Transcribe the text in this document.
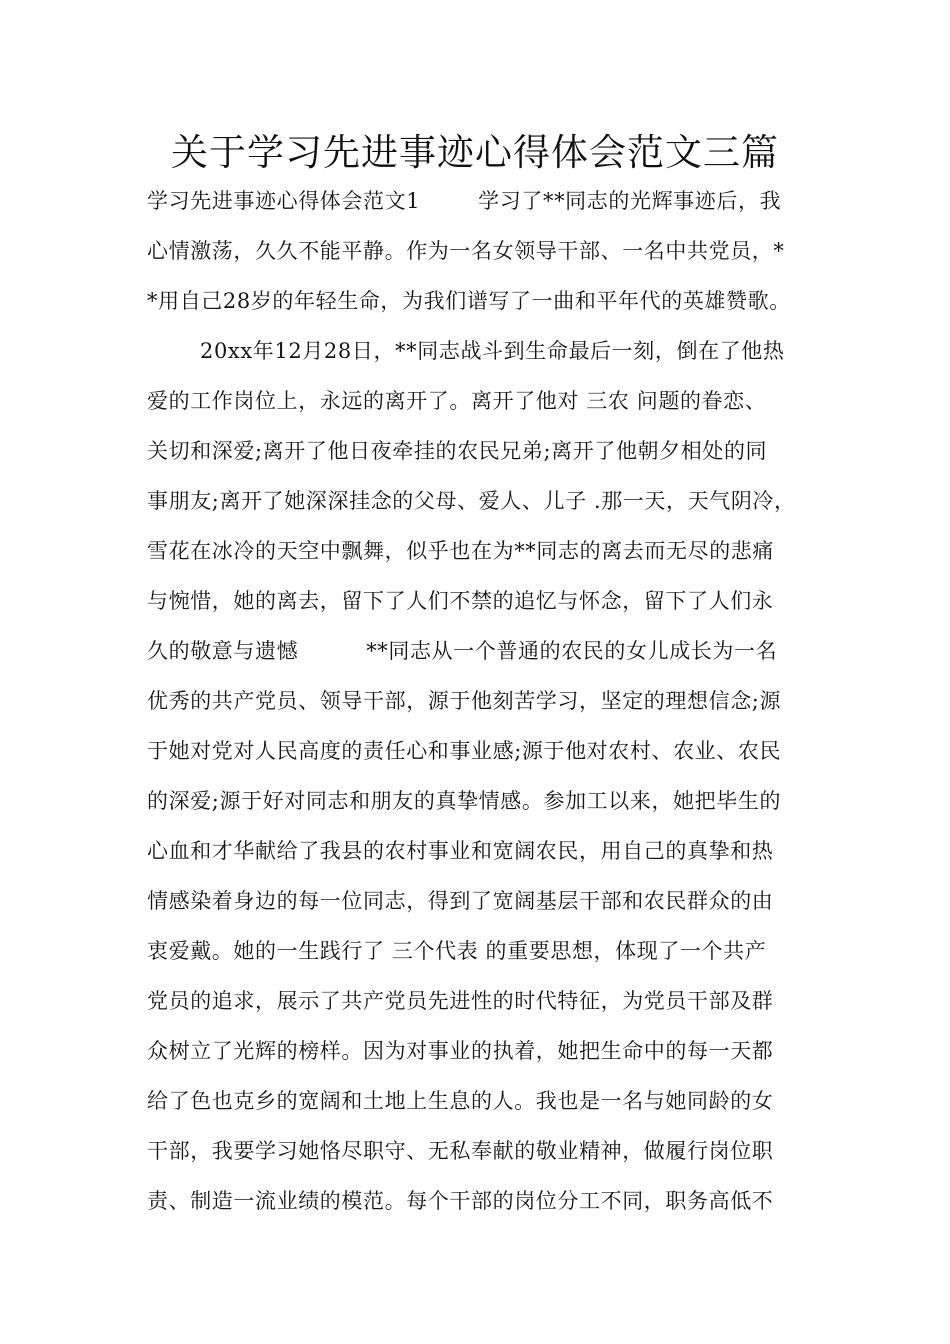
关于学习先进事迹心得体会范文三篇
学习先进事迹心得体会范文1	学习了**同志的光辉事迹后，我
心情激荡，久久不能平静。作为一名女领导干部、一名中共党员，*
*用自己28岁的年轻生命，为我们谱写了一曲和平年代的英雄赞歌。
20xx年12月28日，**同志战斗到生命最后一刻，倒在了他热
爱的工作岗位上，永远的离开了。离开了他对 三农 问题的眷恋、
关切和深爱;离开了他日夜牵挂的农民兄弟;离开了他朝夕相处的同
事朋友;离开了她深深挂念的父母、爱人、儿子 .那一天，天气阴冷，
雪花在冰冷的天空中飘舞，似乎也在为**同志的离去而无尽的悲痛
与惋惜，她的离去，留下了人们不禁的追忆与怀念，留下了人们永
久的敬意与遗憾	**同志从一个普通的农民的女儿成长为一名
优秀的共产党员、领导干部，源于他刻苦学习，坚定的理想信念;源
于她对党对人民高度的责任心和事业感;源于他对农村、农业、农民
的深爱;源于好对同志和朋友的真挚情感。参加工以来，她把毕生的
心血和才华献给了我县的农村事业和宽阔农民，用自己的真挚和热
情感染着身边的每一位同志，得到了宽阔基层干部和农民群众的由
衷爱戴。她的一生践行了 三个代表 的重要思想，体现了一个共产
党员的追求，展示了共产党员先进性的时代特征，为党员干部及群
众树立了光辉的榜样。因为对事业的执着，她把生命中的每一天都
给了色也克乡的宽阔和土地上生息的人。我也是一名与她同龄的女
干部，我要学习她恪尽职守、无私奉献的敬业精神，做履行岗位职
责、制造一流业绩的模范。每个干部的岗位分工不同，职务高低不
